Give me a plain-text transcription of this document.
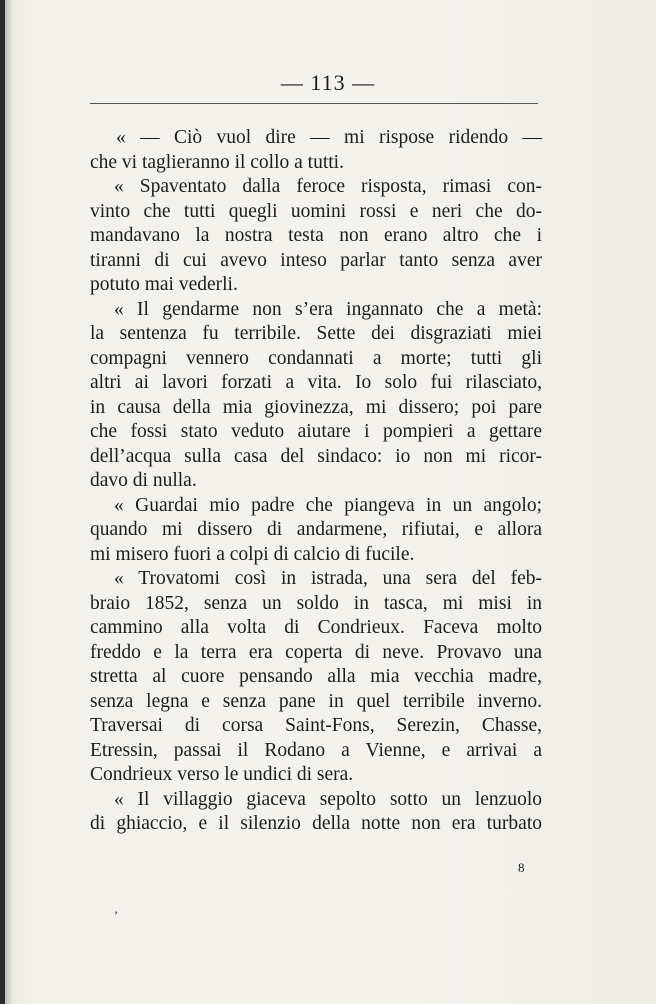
— 113 —
« — Ciò vuol dire — mi risposе ridendo —
che vi taglieranno il collo a tutti.
« Spaventato dalla feroce risposta, rimasi con-
vinto che tutti quegli uomini rossi e neri che do-
mandavano la nostra testa non erano altro che i
tiranni di cui avevo inteso parlar tanto senza aver
potuto mai vederli.
« Il gendarme non s’era ingannato che a metà:
la sentenza fu terribile. Sette dei disgraziati miei
compagni vennero condannati a morte; tutti gli
altri ai lavori forzati a vita. Io solo fui rilasciato,
in causa della mia giovinezza, mi dissero; poi pare
che fossi stato veduto aiutare i pompieri a gettare
dell’acqua sulla casa del sindaco: io non mi ricor-
davo di nulla.
« Guardai mio padre che piangeva in un angolo;
quando mi dissero di andarmene, rifiutai, e allora
mi misero fuori a colpi di calcio di fucile.
« Trovatomi così in istrada, una sera del feb-
braio 1852, senza un soldo in tasca, mi misi in
cammino alla volta di Condrieux. Faceva molto
freddo e la terra era coperta di neve. Provavo una
stretta al cuore pensando alla mia vecchia madre,
senza legna e senza pane in quel terribile inverno.
Traversai di corsa Saint-Fons, Serezin, Chasse,
Etressin, passai il Rodano a Vienne, e arrivai a
Condrieux verso le undici di sera.
« Il villaggio giaceva sepolto sotto un lenzuolo
di ghiaccio, e il silenzio della notte non era turbato
8
’
